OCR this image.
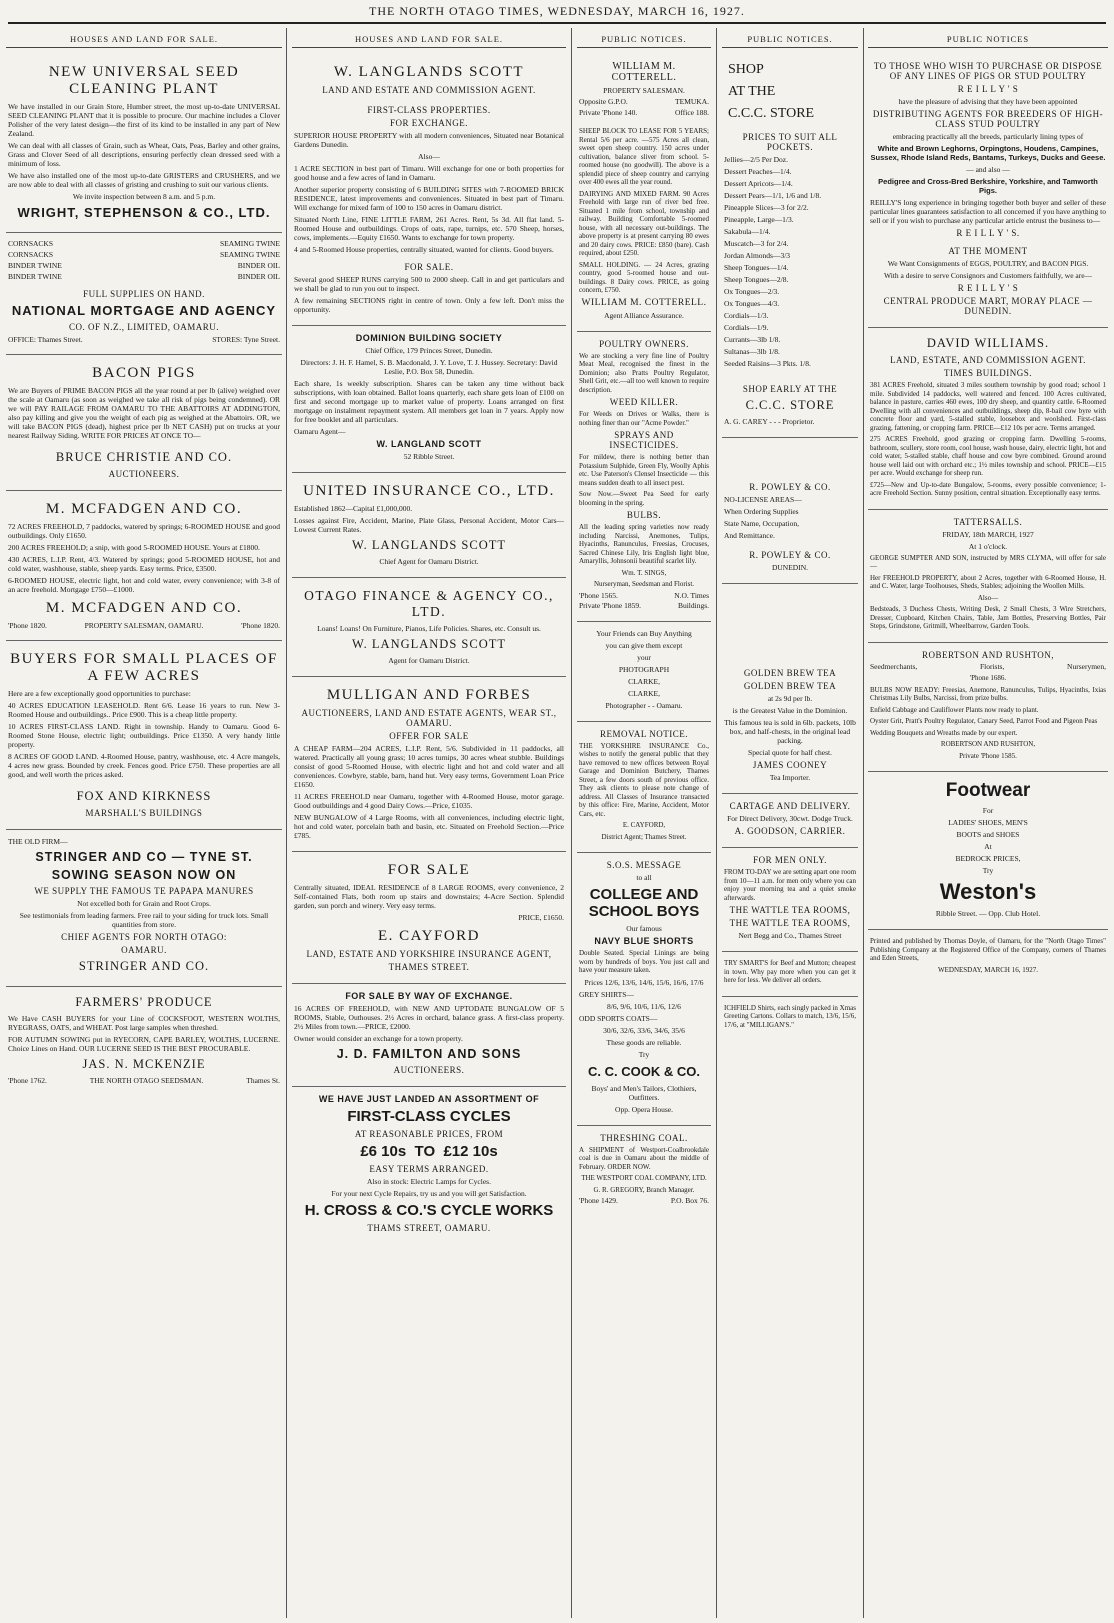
THE NORTH OTAGO TIMES, WEDNESDAY, MARCH 16, 1927.
HOUSES AND LAND FOR SALE.
NEW UNIVERSAL SEED CLEANING PLANT
We have installed in our Grain Store, Humber street, the most up-to-date UNIVERSAL SEED CLEANING PLANT that it is possible to procure. Our machine includes a Clover Polisher of the very latest design—the first of its kind to be installed in any part of New Zealand.
We can deal with all classes of Grain, such as Wheat, Oats, Peas, Barley and other grains, Grass and Clover Seed of all descriptions, ensuring perfectly clean dressed seed with a minimum of loss.
We have also installed one of the most up-to-date GRISTERS and CRUSHERS, and we are now able to deal with all classes of gristing and crushing to suit our various clients.
We invite inspection between 8 a.m. and 5 p.m.
WRIGHT, STEPHENSON & CO., LTD.
CORNSACKS	SEAMING TWINE
CORNSACKS	SEAMING TWINE
BINDER TWINE	BINDER OIL
BINDER TWINE	BINDER OIL
FULL SUPPLIES ON HAND.
NATIONAL MORTGAGE AND AGENCY
CO. OF N.Z., LIMITED, OAMARU.
OFFICE: Thames Street.	STORES: Tyne Street.
BACON PIGS
We are Buyers of PRIME BACON PIGS all the year round at per lb (alive) weighed over the scale at Oamaru (as soon as weighed we take all risk of pigs being condemned). OR we will PAY RAILAGE FROM OAMARU TO THE ABATTOIRS AT ADDINGTON, also pay killing and give you the weight of each pig as weighed at the Abattoirs. OR, we will take BACON PIGS (dead), highest price per lb NET CASH) put on trucks at your nearest Railway Siding. WRITE FOR PRICES AT ONCE TO—
BRUCE CHRISTIE AND CO.
AUCTIONEERS.
M. MCFADGEN AND CO.
72 ACRES FREEHOLD, 7 paddocks, watered by springs; 6-ROOMED HOUSE and good outbuildings. Only £1650.
200 ACRES FREEHOLD; a snip, with good 5-ROOMED HOUSE. Yours at £1800.
430 ACRES, L.I.P. Rent, 4/3. Watered by springs; good 5-ROOMED HOUSE, hot and cold water, washhouse, stable, sheep yards. Easy terms. Price, £3500.
6-ROOMED HOUSE, electric light, hot and cold water, every convenience; with 3-8 of an acre freehold. Mortgage £750—£1000.
M. MCFADGEN AND CO.
'Phone 1820.	PROPERTY SALESMAN, OAMARU.	'Phone 1820.
BUYERS FOR SMALL PLACES OF A FEW ACRES
Here are a few exceptionally good opportunities to purchase:
40 ACRES EDUCATION LEASEHOLD. Rent 6/6. Lease 16 years to run. New 3-Roomed House and outbuildings.. Price £900. This is a cheap little property.
10 ACRES FIRST-CLASS LAND. Right in township. Handy to Oamaru. Good 6-Roomed Stone House, electric light; outbuildings. Price £1350. A very handy little property.
8 ACRES OF GOOD LAND. 4-Roomed House, pantry, washhouse, etc. 4 Acre mangels, 4 acres new grass. Bounded by creek. Fences good. Price £750. These properties are all good, and well worth the prices asked.
FOX AND KIRKNESS
MARSHALL'S BUILDINGS
THE OLD FIRM—
STRINGER AND CO — TYNE ST.
SOWING SEASON NOW ON
WE SUPPLY THE FAMOUS TE PAPAPA MANURES
Not excelled both for Grain and Root Crops.
See testimonials from leading farmers. Free rail to your siding for truck lots. Small quantities from store.
CHIEF AGENTS FOR NORTH OTAGO:
OAMARU.
STRINGER AND CO.
FARMERS' PRODUCE
We Have CASH BUYERS for your Line of COCKSFOOT, WESTERN WOLTHS, RYEGRASS, OATS, and WHEAT. Post large samples when threshed.
FOR AUTUMN SOWING put in RYECORN, CAPE BARLEY, WOLTHS, LUCERNE. Choice Lines on Hand. OUR LUCERNE SEED IS THE BEST PROCURABLE.
JAS. N. MCKENZIE
'Phone 1762.	THE NORTH OTAGO SEEDSMAN.	Thames St.
HOUSES AND LAND FOR SALE.
W. LANGLANDS SCOTT
LAND AND ESTATE AND COMMISSION AGENT.
FIRST-CLASS PROPERTIES.
FOR EXCHANGE.
SUPERIOR HOUSE PROPERTY with all modern conveniences, Situated near Botanical Gardens Dunedin.
Also—
1 ACRE SECTION in best part of Timaru. Will exchange for one or both properties for good house and a few acres of land in Oamaru.
Another superior property consisting of 6 BUILDING SITES with 7-ROOMED BRICK RESIDENCE, latest improvements and conveniences. Situated in best part of Timaru. Will exchange for mixed farm of 100 to 150 acres in Oamaru district.
Situated North Line, FINE LITTLE FARM, 261 Acres. Rent, 5s 3d. All flat land. 5-Roomed House and outbuildings. Crops of oats, rape, turnips, etc. 570 Sheep, horses, cows, implements.—Equity £1650. Wants to exchange for town property.
4 and 5-Roomed House properties, centrally situated, wanted for clients. Good buyers.
FOR SALE.
Several good SHEEP RUNS carrying 500 to 2000 sheep. Call in and get particulars and we shall be glad to run you out to inspect.
A few remaining SECTIONS right in centre of town. Only a few left. Don't miss the opportunity.
DOMINION BUILDING SOCIETY
Chief Office, 179 Princes Street, Dunedin.
Directors: J. H. F. Hamel, S. B. Macdonald, J. Y. Love, T. J. Hussey. Secretary: David Leslie, P.O. Box 58, Dunedin.
Each share, 1s weekly subscription. Shares can be taken any time without back subscriptions, with loan obtained. Ballot loans quarterly, each share gets loan of £100 on first and second mortgage up to market value of property. Loans arranged on first mortgage on instalment repayment system. All members get loan in 7 years. Apply now for free booklet and all particulars.
Oamaru Agent—
W. LANGLAND SCOTT
52 Ribble Street.
UNITED INSURANCE CO., LTD.
Established 1862—Capital £1,000,000.
Losses against Fire, Accident, Marine, Plate Glass, Personal Accident, Motor Cars— Lowest Current Rates.
W. LANGLANDS SCOTT
Chief Agent for Oamaru District.
OTAGO FINANCE & AGENCY CO., LTD.
Loans! Loans! On Furniture, Pianos, Life Policies. Shares, etc. Consult us.
W. LANGLANDS SCOTT
Agent for Oamaru District.
MULLIGAN AND FORBES
AUCTIONEERS, LAND AND ESTATE AGENTS, WEAR ST., OAMARU.
OFFER FOR SALE
A CHEAP FARM—204 ACRES, L.I.P. Rent, 5/6. Subdivided in 11 paddocks, all watered. Practically all young grass; 10 acres turnips, 30 acres wheat stubble. Buildings consist of good 5-Roomed House, with electric light and hot and cold water and all conveniences. Cowbyre, stable, barn, hand hut. Very easy terms, Government Loan Price £1650.
11 ACRES FREEHOLD near Oamaru, together with 4-Roomed House, motor garage. Good outbuildings and 4 good Dairy Cows.—Price, £1035.
NEW BUNGALOW of 4 Large Rooms, with all conveniences, including electric light, hot and cold water, porcelain bath and basin, etc. Situated on Freehold Section.—Price £785.
FOR SALE
Centrally situated, IDEAL RESIDENCE of 8 LARGE ROOMS, every convenience, 2 Self-contained Flats, both room up stairs and downstairs; 4-Acre Section. Splendid garden, sun porch and winery. Very easy terms.
PRICE, £1650.
E. CAYFORD
LAND, ESTATE AND YORKSHIRE INSURANCE AGENT,
THAMES STREET.
FOR SALE BY WAY OF EXCHANGE.
16 ACRES OF FREEHOLD, with NEW AND UPTODATE BUNGALOW OF 5 ROOMS, Stable, Outhouses. 2½ Acres in orchard, balance grass. A first-class property. 2½ Miles from town.—PRICE, £2000.
Owner would consider an exchange for a town property.
J. D. FAMILTON AND SONS
AUCTIONEERS.
WE HAVE JUST LANDED AN ASSORTMENT OF
FIRST-CLASS CYCLES
AT REASONABLE PRICES, FROM
£6 10s TO £12 10s
EASY TERMS ARRANGED.
Also in stock: Electric Lamps for Cycles.
For your next Cycle Repairs, try us and you will get Satisfaction.
H. CROSS & CO.'S CYCLE WORKS
THAMS STREET, OAMARU.
PUBLIC NOTICES.
WILLIAM M. COTTERELL.
PROPERTY SALESMAN.
Opposite G.P.O.	TEMUKA.
Private 'Phone 140.	Office 188.
SHEEP BLOCK TO LEASE FOR 5 YEARS; Rental 5/6 per acre. —575 Acres all clean, sweet open sheep country. 150 acres under cultivation, balance sliver from school. 5-roomed house (no goodwill). The above is a splendid piece of sheep country and carrying over 400 ewes all the year round.
DAIRYING AND MIXED FARM. 90 Acres Freehold with large run of river bed free. Situated 1 mile from school, township and railway. Building Comfortable 5-roomed house, with all necessary out-buildings. The above property is at present carrying 80 ewes and 20 dairy cows. PRICE: £850 (bare). Cash required, about £250.
SMALL HOLDING. — 24 Acres, grazing country, good 5-roomed house and out-buildings. 8 Dairy cows. PRICE, as going concern, £750.
WILLIAM M. COTTERELL.
Agent Alliance Assurance.
POULTRY OWNERS.
We are stocking a very fine line of Poultry Meat Meal, recognised the finest in the Dominion; also Pratts Poultry Regulator, Shell Grit, etc.—all too well known to require description.
WEED KILLER.
For Weeds on Drives or Walks, there is nothing finer than our "Acme Powder."
SPRAYS AND INSECTICIDES.
For mildew, there is nothing better than Potassium Sulphide, Green Fly, Woolly Aphis etc. Use Paterson's Clensel Insecticide — this means sudden death to all insect pest.
Sow Now.—Sweet Pea Seed for early blooming in the spring.
BULBS.
All the leading spring varieties now ready including Narcissi, Anemones, Tulips, Hyacinths, Ranunculus, Freesias, Crocuses, Sacred Chinese Lily, Iris English light blue, Amaryllis, Johnsonii beautiful scarlet lily.
Wm. T. SINGS,
Nurseryman, Seedsman and Florist.
'Phone 1565.	N.O. Times
Private 'Phone 1859.	Buildings.
Your Friends can Buy Anything
you can give them except
your
PHOTOGRAPH
CLARKE,
CLARKE,
Photographer - - Oamaru.
REMOVAL NOTICE.
THE YORKSHIRE INSURANCE Co., wishes to notify the general public that they have removed to new offices between Royal Garage and Dominion Butchery, Thames Street, a few doors south of previous office. They ask clients to please note change of address. All Classes of Insurance transacted by this office: Fire, Marine, Accident, Motor Cars, etc.
E. CAYFORD,
District Agent; Thames Street.
S.O.S. MESSAGE
to all
COLLEGE AND SCHOOL BOYS
Our famous
NAVY BLUE SHORTS
Double Seated. Special Linings are being worn by hundreds of boys. You just call and have your measure taken.
Prices 12/6, 13/6, 14/6, 15/6, 16/6, 17/6
GREY SHIRTS—
8/6, 9/6, 10/6, 11/6, 12/6
ODD SPORTS COATS—
30/6, 32/6, 33/6, 34/6, 35/6
These goods are reliable.
Try
C. C. COOK & CO.
Boys' and Men's Tailors, Clothiers, Outfitters.
Opp. Opera House.
THRESHING COAL.
A SHIPMENT of Westport-Coalbrookdale coal is due in Oamaru about the middle of February. ORDER NOW.
THE WESTPORT COAL COMPANY, LTD.
G. R. GREGORY, Branch Manager.
'Phone 1429.	P.O. Box 76.
PUBLIC NOTICES.
SHOP
AT THE
C.C.C. STORE
PRICES TO SUIT ALL POCKETS.
Jellies—2/5 Per Doz.
Dessert Peaches—1/4.
Dessert Apricots—1/4.
Dessert Pears—1/1, 1/6 and 1/8.
Pineapple Slices—3 for 2/2.
Pineapple, Large—1/3.
Sakabula—1/4.
Muscatch—3 for 2/4.
Jordan Almonds—3/3
Sheep Tongues—1/4.
Sheep Tongues—2/8.
Ox Tongues—2/3.
Ox Tongues—4/3.
Cordials—1/3.
Cordials—1/9.
Currants—3lb 1/8.
Sultanas—3lb 1/8.
Seeded Raisins—3 Pkts. 1/8.
SHOP EARLY AT THE
C.C.C. STORE
A. G. CAREY - - - Proprietor.
R. POWLEY & CO.
NO-LICENSE AREAS—
When Ordering Supplies
State Name, Occupation,
And Remittance.
R. POWLEY & CO.
DUNEDIN.
GOLDEN BREW TEA
GOLDEN BREW TEA
at 2s 9d per lb.
is the Greatest Value in the Dominion.
This famous tea is sold in 6lb. packets, 10lb box, and half-chests, in the original lead packing.
Special quote for half chest.
JAMES COONEY
Tea Importer.
CARTAGE AND DELIVERY.
For Direct Delivery, 30cwt. Dodge Truck.
A. GOODSON, CARRIER.
FOR MEN ONLY.
FROM TO-DAY we are setting apart one room from 10—11 a.m. for men only where you can enjoy your morning tea and a quiet smoke afterwards.
THE WATTLE TEA ROOMS,
THE WATTLE TEA ROOMS,
Nert Begg and Co., Thames Street
TRY SMART'S for Beef and Mutton; cheapest in town. Why pay more when you can get it here for less. We deliver all orders.
ICHFIELD Shirts, each singly packed in Xmas Greeting Cartons. Collars to match, 13/6, 15/6, 17/6, at "MILLIGAN'S."
PUBLIC NOTICES
TO THOSE WHO WISH TO PURCHASE OR DISPOSE OF ANY LINES OF PIGS OR STUD POULTRY
R E I L L Y ' S
have the pleasure of advising that they have been appointed
DISTRIBUTING AGENTS FOR BREEDERS OF HIGH-CLASS STUD POULTRY
embracing practically all the breeds, particularly lining types of
White and Brown Leghorns, Orpingtons, Houdens, Campines, Sussex, Rhode Island Reds, Bantams, Turkeys, Ducks and Geese.
— and also —
Pedigree and Cross-Bred Berkshire, Yorkshire, and Tamworth Pigs.
REILLY'S long experience in bringing together both buyer and seller of these particular lines guarantees satisfaction to all concerned if you have anything to sell or if you wish to purchase any particular article entrust the business to—
R E I L L Y ' S.
AT THE MOMENT
We Want Consignments of EGGS, POULTRY, and BACON PIGS.
With a desire to serve Consignors and Customers faithfully, we are—
R E I L L Y ' S
CENTRAL PRODUCE MART, MORAY PLACE — DUNEDIN.
DAVID WILLIAMS.
LAND, ESTATE, AND COMMISSION AGENT.
TIMES BUILDINGS.
381 ACRES Freehold, situated 3 miles southern township by good road; school 1 mile. Subdivided 14 paddocks, well watered and fenced. 100 Acres cultivated, balance in pasture, carries 460 ewes, 100 dry sheep, and quantity cattle. 6-Roomed Dwelling with all conveniences and outbuildings, sheep dip, 8-bail cow byre with concrete floor and yard, 5-stalled stable, loosebox and woolshed. First-class grazing, fattening, or cropping farm. PRICE—£12 10s per acre. Terms arranged.
275 ACRES Freehold, good grazing or cropping farm. Dwelling 5-rooms, bathroom, scullery, store room, cool house, wash house, dairy, electric light, hot and cold water, 5-stalled stable, chaff house and cow byre combined. Ground around house well laid out with orchard etc.; 1½ miles township and school. PRICE—£15 per acre. Would exchange for sheep run.
£725—New and Up-to-date Bungalow, 5-rooms, every possible convenience; 1-acre Freehold Section. Sunny position, central situation. Exceptionally easy terms.
TATTERSALLS.
FRIDAY, 18th MARCH, 1927
At 1 o'clock.
GEORGE SUMPTER AND SON, instructed by MRS CLYMA, will offer for sale—
Her FREEHOLD PROPERTY, about 2 Acres, together with 6-Roomed House, H. and C. Water, large Toolhouses, Sheds, Stables; adjoining the Woollen Mills.
Also—
Bedsteads, 3 Duchess Chests, Writing Desk, 2 Small Chests, 3 Wire Stretchers, Dresser, Cupboard, Kitchen Chairs, Table, Jam Bottles, Preserving Bottles, Pair Steps, Grindstone, Gritmill, Wheelbarrow, Garden Tools.
ROBERTSON AND RUSHTON,
Seedmerchants,	Florists,	Nurserymen,
'Phone 1686.
BULBS NOW READY: Freesias, Anemone, Ranunculus, Tulips, Hyacinths, Ixias Christmas Lily Bulbs, Narcissi, from prize bulbs.
Enfield Cabbage and Cauliflower Plants now ready to plant.
Oyster Grit, Pratt's Poultry Regulator, Canary Seed, Parrot Food and Pigeon Peas
Wedding Bouquets and Wreaths made by our expert.
ROBERTSON AND RUSHTON,
Private 'Phone 1585.
Footwear
For
LADIES' SHOES, MEN'S
BOOTS and SHOES
At
BEDROCK PRICES,
Try
Weston's
Ribble Street. — Opp. Club Hotel.
Printed and published by Thomas Doyle, of Oamaru, for the "North Otago Times" Publishing Company at the Registered Office of the Company, corners of Thames and Eden Streets,
WEDNESDAY, MARCH 16, 1927.
